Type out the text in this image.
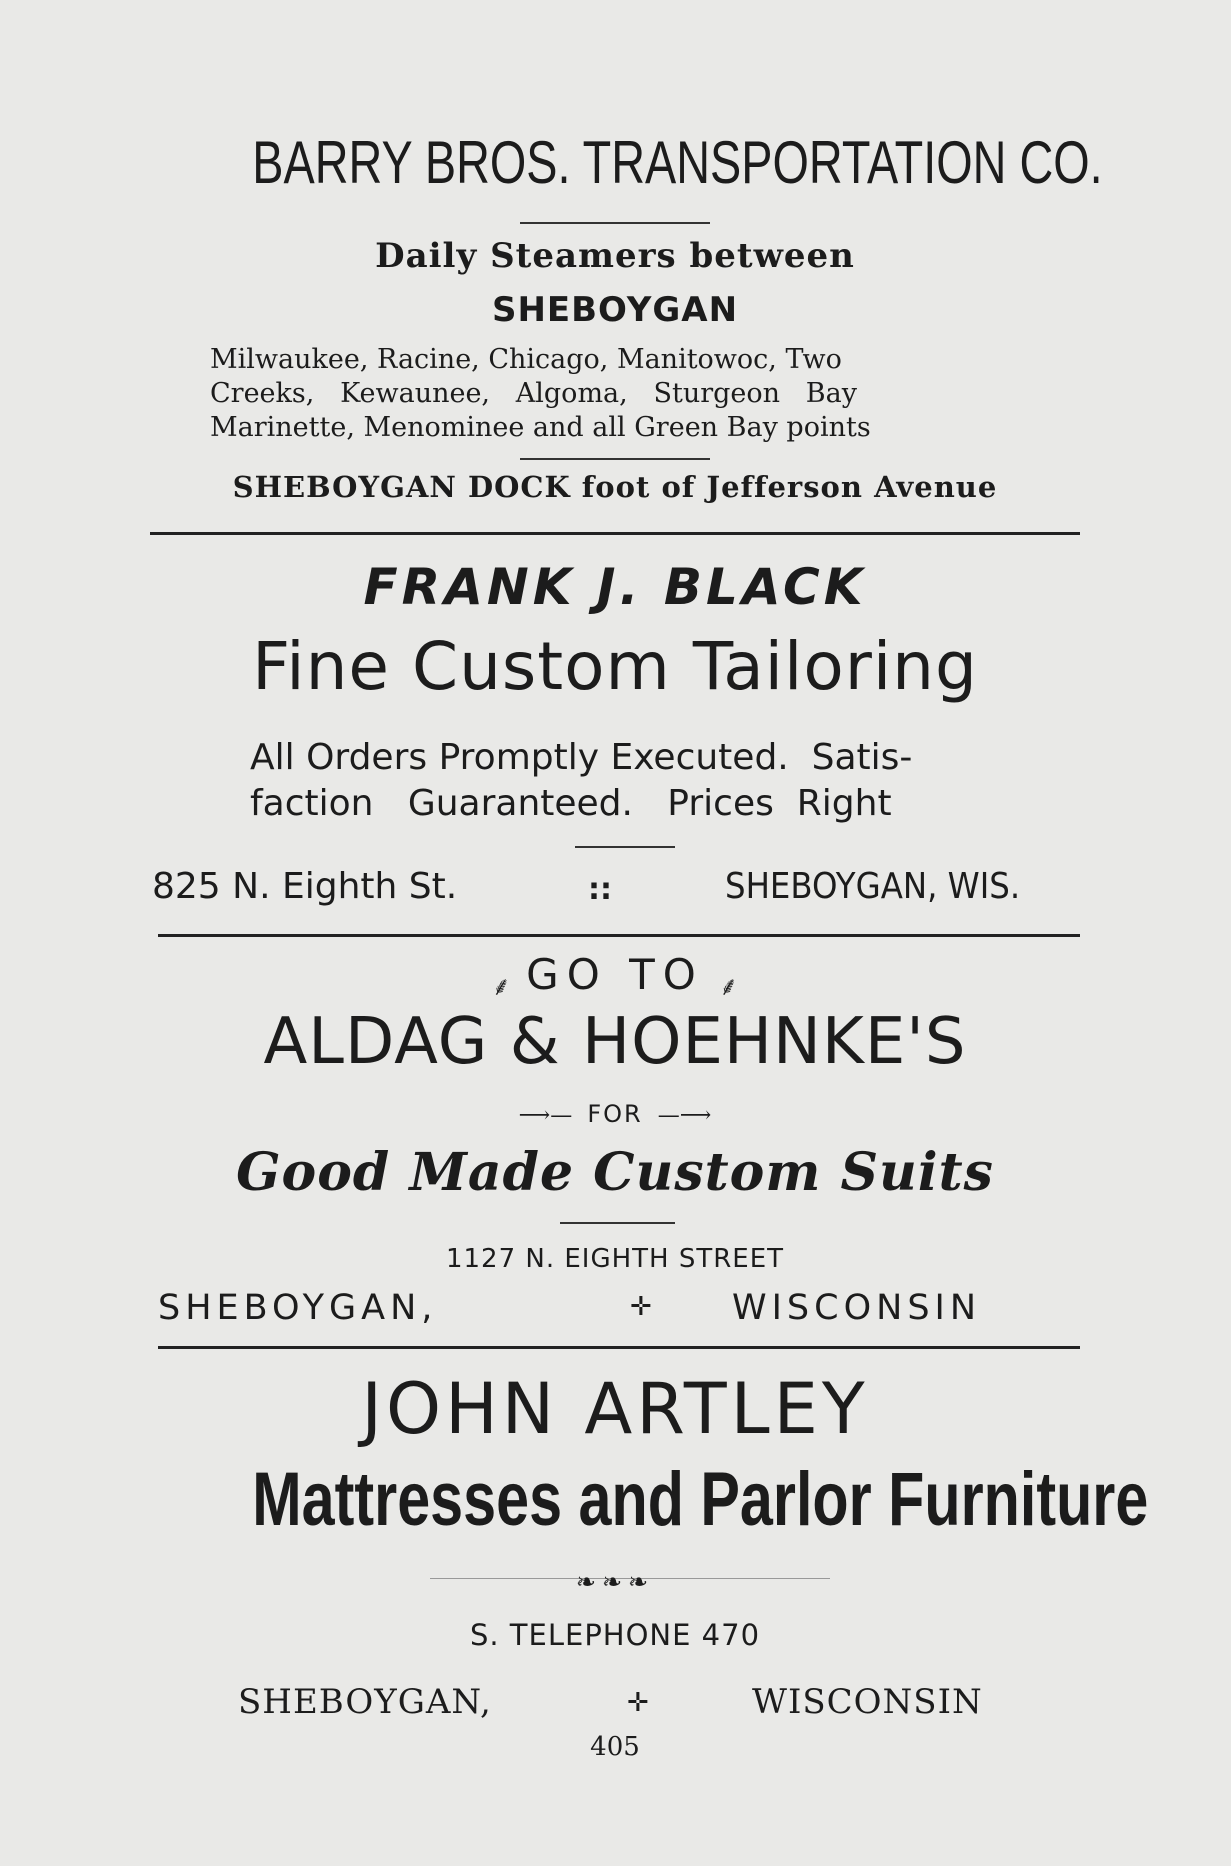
BARRY BROS. TRANSPORTATION CO.
Daily Steamers between
SHEBOYGAN
Milwaukee, Racine, Chicago, Manitowoc, Two
Creeks,   Kewaunee,   Algoma,   Sturgeon   Bay
Marinette, Menominee and all Green Bay points
SHEBOYGAN DOCK foot of Jefferson Avenue
FRANK J. BLACK
Fine Custom Tailoring
All Orders Promptly Executed.  Satis-
faction   Guaranteed.   Prices  Right
825 N. Eighth St.	::	SHEBOYGAN, WIS.
⸙ GO TO ⸙
ALDAG & HOEHNKE'S
⟶— FOR —⟶
Good Made Custom Suits
1127 N. EIGHTH STREET
SHEBOYGAN,	✛ WISCONSIN
JOHN ARTLEY
Mattresses and Parlor Furniture
❧❧❧
S. TELEPHONE 470
SHEBOYGAN,	✛	WISCONSIN
405
